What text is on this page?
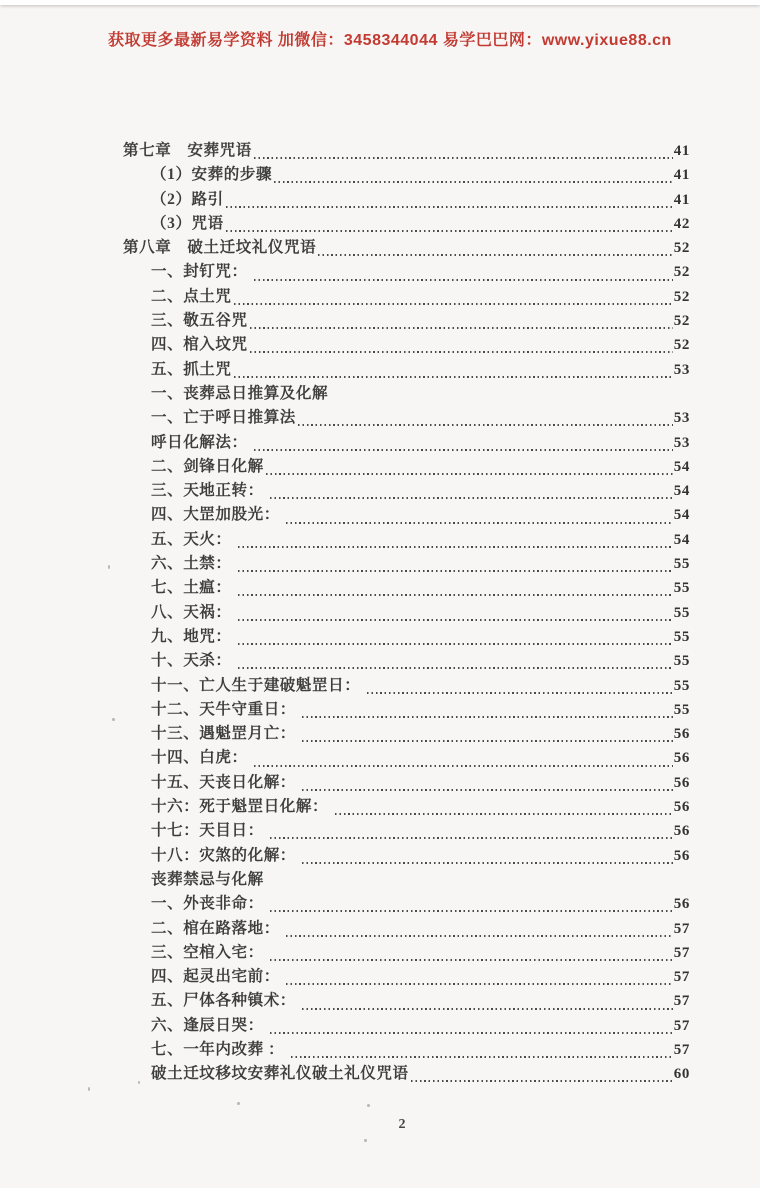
获取更多最新易学资料 加微信：3458344044 易学巴巴网：www.yixue88.cn

第七章　安葬咒语	41
（1）安葬的步骤	41
（2）路引	41
（3）咒语	42
第八章　破土迁坟礼仪咒语	52
一、封钉咒：	52
二、点土咒	52
三、敬五谷咒	52
四、棺入坟咒	52
五、抓土咒	53
一、丧葬忌日推算及化解
一、亡于呼日推算法	53
呼日化解法：	53
二、剑锋日化解	54
三、天地正转：	54
四、大罡加股光：	54
五、天火：	54
六、土禁：	55
七、土瘟：	55
八、天祸：	55
九、地咒：	55
十、天杀：	55
十一、亡人生于建破魁罡日：	55
十二、天牛守重日：	55
十三、遇魁罡月亡：	56
十四、白虎：	56
十五、天丧日化解：	56
十六：死于魁罡日化解：	56
十七：天目日：	56
十八：灾煞的化解：	56
丧葬禁忌与化解
一、外丧非命：	56
二、棺在路落地：	57
三、空棺入宅：	57
四、起灵出宅前：	57
五、尸体各种镇术：	57
六、逢辰日哭：	57
七、一年内改葬 ：	57
破土迁坟移坟安葬礼仪破土礼仪咒语	60
2
